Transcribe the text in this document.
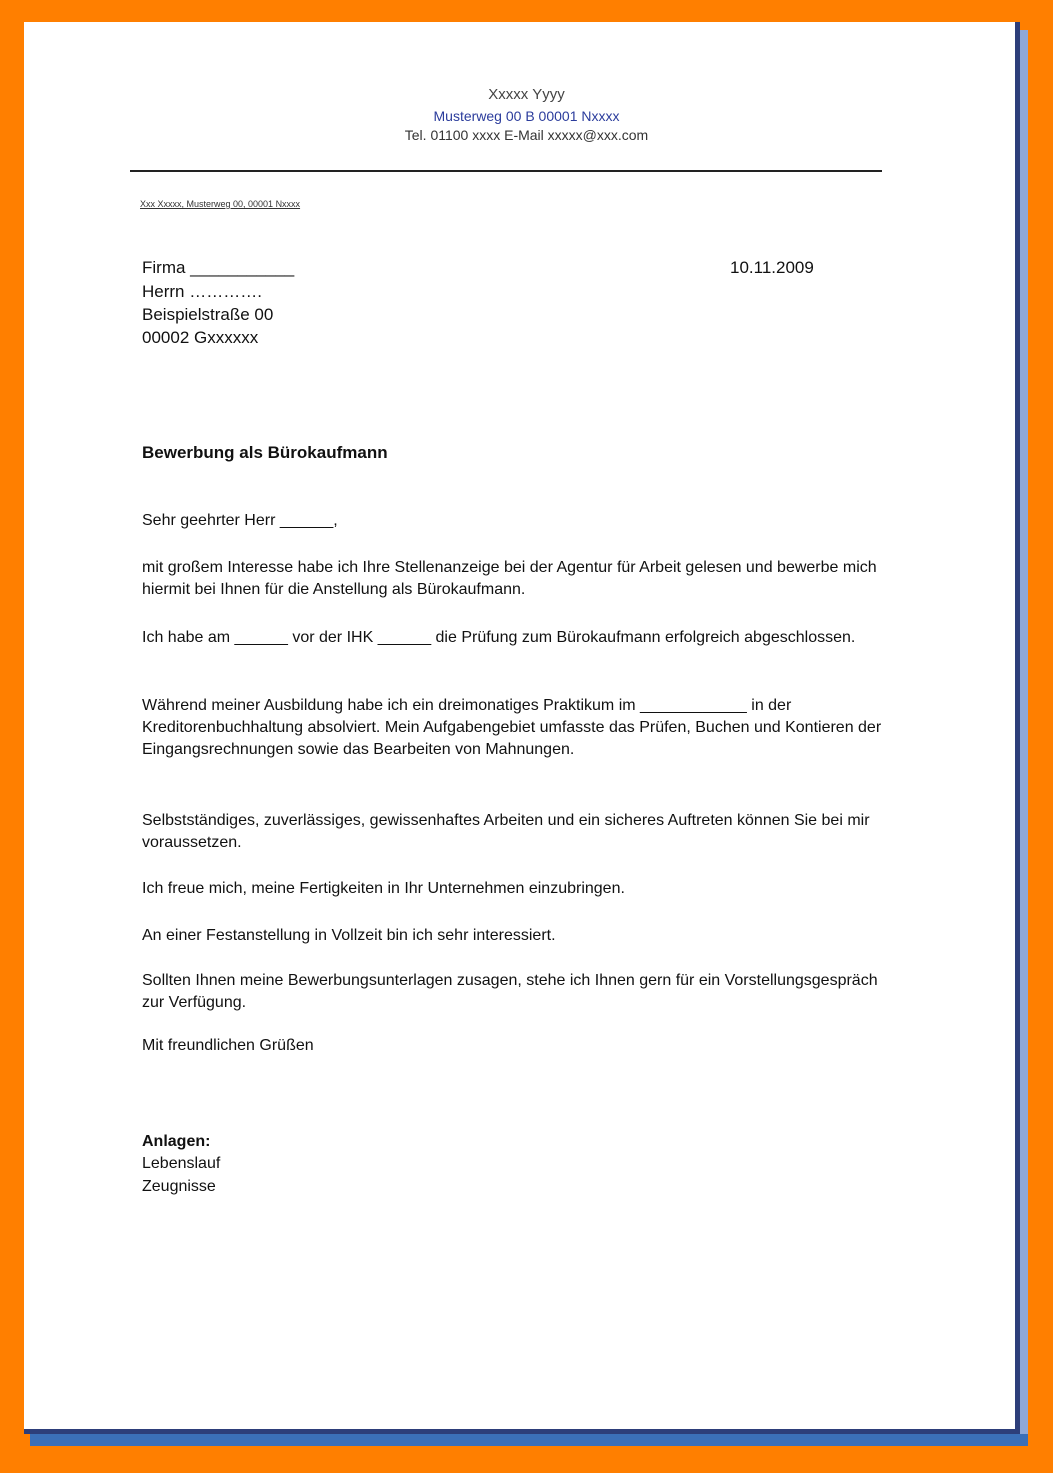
Xxxxx Yyyy
Musterweg 00 B 00001 Nxxxx
Tel. 01100 xxxx E-Mail xxxxx@xxx.com
Xxx Xxxxx, Musterweg 00, 00001 Nxxxx
Firma ___________
Herrn ………….
Beispielstraße 00
00002 Gxxxxxx
10.11.2009
Bewerbung als Bürokaufmann
Sehr geehrter Herr ______,
mit großem Interesse habe ich Ihre Stellenanzeige bei der Agentur für Arbeit gelesen und bewerbe mich hiermit bei Ihnen für die Anstellung als Bürokaufmann.
Ich habe am ______ vor der IHK ______ die Prüfung zum Bürokaufmann erfolgreich abgeschlossen.
Während meiner Ausbildung habe ich ein dreimonatiges Praktikum im ____________ in der Kreditorenbuchhaltung absolviert. Mein Aufgabengebiet umfasste das Prüfen, Buchen und Kontieren der Eingangsrechnungen sowie das Bearbeiten von Mahnungen.
Selbstständiges, zuverlässiges, gewissenhaftes Arbeiten und ein sicheres Auftreten können Sie bei mir voraussetzen.
Ich freue mich, meine Fertigkeiten in Ihr Unternehmen einzubringen.
An einer Festanstellung in Vollzeit bin ich sehr interessiert.
Sollten Ihnen meine Bewerbungsunterlagen zusagen, stehe ich Ihnen gern für ein Vorstellungsgespräch zur Verfügung.
Mit freundlichen Grüßen
Anlagen:
Lebenslauf
Zeugnisse
